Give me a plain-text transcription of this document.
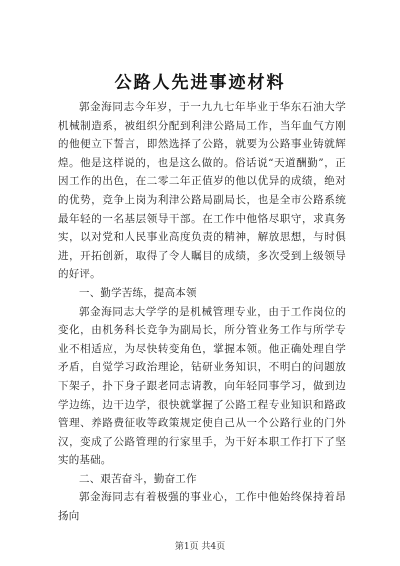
公路人先进事迹材料

郭金海同志今年岁，于一九九七年毕业于华东石油大学机械制造系，被组织分配到利津公路局工作，当年血气方刚的他便立下誓言，即然选择了公路，就要为公路事业铸就辉煌。他是这样说的，也是这么做的。俗话说“天道酬勤”，正因工作的出色，在二零二年正值岁的他以优异的成绩，绝对的优势，竞争上岗为利津公路局副局长，也是全市公路系统最年轻的一名基层领导干部。在工作中他恪尽职守，求真务实，以对党和人民事业高度负责的精神，解放思想，与时俱进，开拓创新，取得了令人瞩目的成绩，多次受到上级领导的好评。

一、勤学苦练，提高本领

郭金海同志大学学的是机械管理专业，由于工作岗位的变化，由机务科长竞争为副局长，所分管业务工作与所学专业不相适应，为尽快转变角色，掌握本领。他正确处理自学矛盾，自觉学习政治理论，钻研业务知识，不明白的问题放下架子，扑下身子跟老同志请教，向年轻同事学习，做到边学边练，边干边学，很快就掌握了公路工程专业知识和路政管理、养路费征收等政策规定使自己从一个公路行业的门外汉，变成了公路管理的行家里手，为干好本职工作打下了坚实的基础。

二、艰苦奋斗，勤奋工作

郭金海同志有着极强的事业心，工作中他始终保持着昂扬向

第1页 共4页
